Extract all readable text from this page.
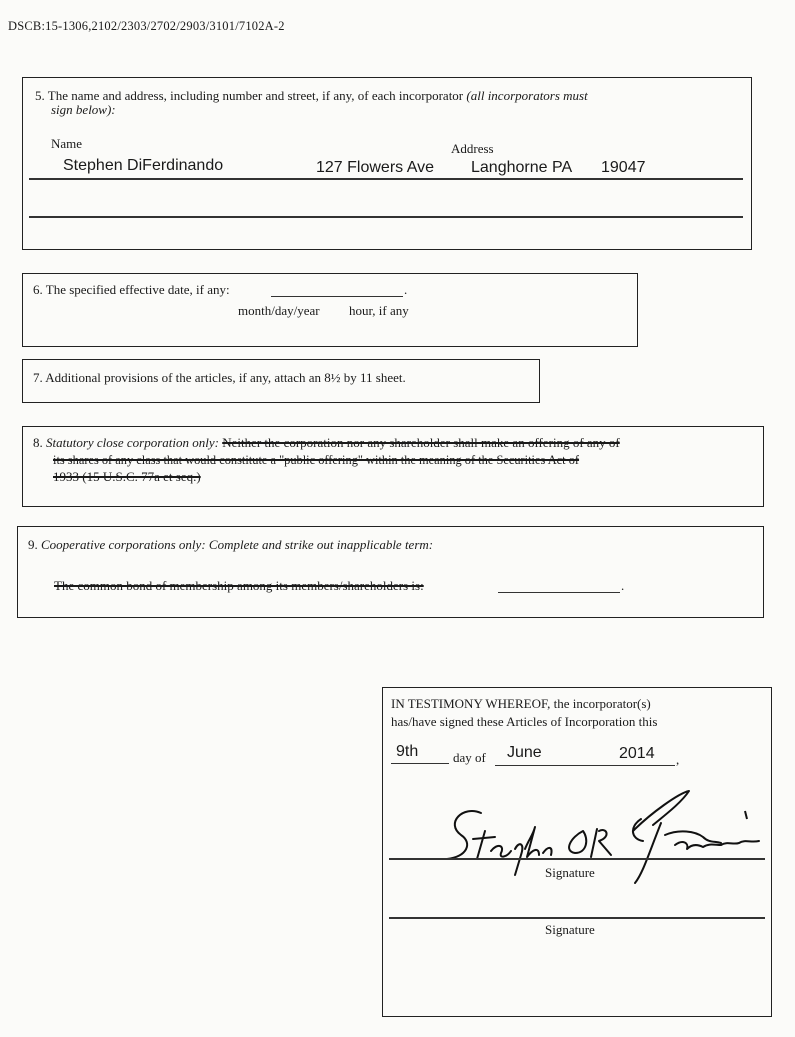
DSCB:15-1306,2102/2303/2702/2903/3101/7102A-2
5. The name and address, including number and street, if any, of each incorporator (all incorporators must
sign below):
Name	Address
Stephen DiFerdinando	127 Flowers Ave Langhorne PA 19047
6. The specified effective date, if any:	.
month/day/year hour, if any
7. Additional provisions of the articles, if any, attach an 8½ by 11 sheet.
8. Statutory close corporation only: Neither the corporation nor any shareholder shall make an offering of any of
its shares of any class that would constitute a "public offering" within the meaning of the Securities Act of
1933 (15 U.S.C. 77a et seq.)
9. Cooperative corporations only: Complete and strike out inapplicable term:
The common bond of membership among its members/shareholders is:	.
IN TESTIMONY WHEREOF, the incorporator(s)
has/have signed these Articles of Incorporation this
9th	day of June	2014 ,
Signature
Signature
